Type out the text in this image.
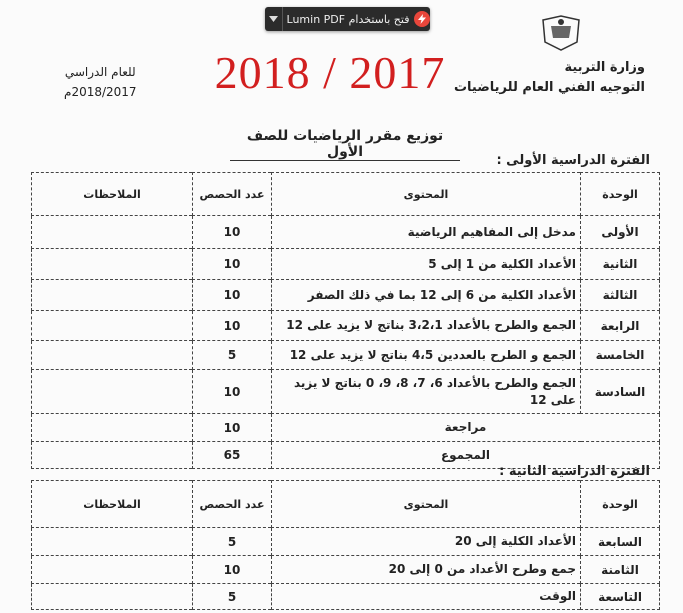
فتح باستخدام Lumin PDF
2018 / 2017	وزارة التربية
التوجيه الفني العام للرياضيات
للعام الدراسي
2018/2017م
توزيع مقرر الرياضيات للصف الأول
الفترة الدراسية الأولى :
الوحدة	المحتوى	عدد الحصص	الملاحظات
الأولى	مدخل إلى المفاهيم الرياضية	10	
الثانية	الأعداد الكلية من 1 إلى 5	10	
الثالثة	الأعداد الكلية من 6 إلى 12 بما في ذلك الصفر	10	
الرابعة	الجمع والطرح بالأعداد 3،2،1 بناتج لا يزيد على 12	10	
الخامسة	الجمع و الطرح بالعددين 4،5 بناتج لا يزيد على 12	5	
السادسة	الجمع والطرح بالأعداد 6، 7، 8، 9، 0 بناتج لا يزيد على 12	10	
مراجعة		10	
المجموع		65	
الفترة الدراسية الثانية :
الوحدة	المحتوى	عدد الحصص	الملاحظات
السابعة	الأعداد الكلية إلى 20	5	
الثامنة	جمع وطرح الأعداد من 0 إلى 20	10	
التاسعة	الوقت	5	
